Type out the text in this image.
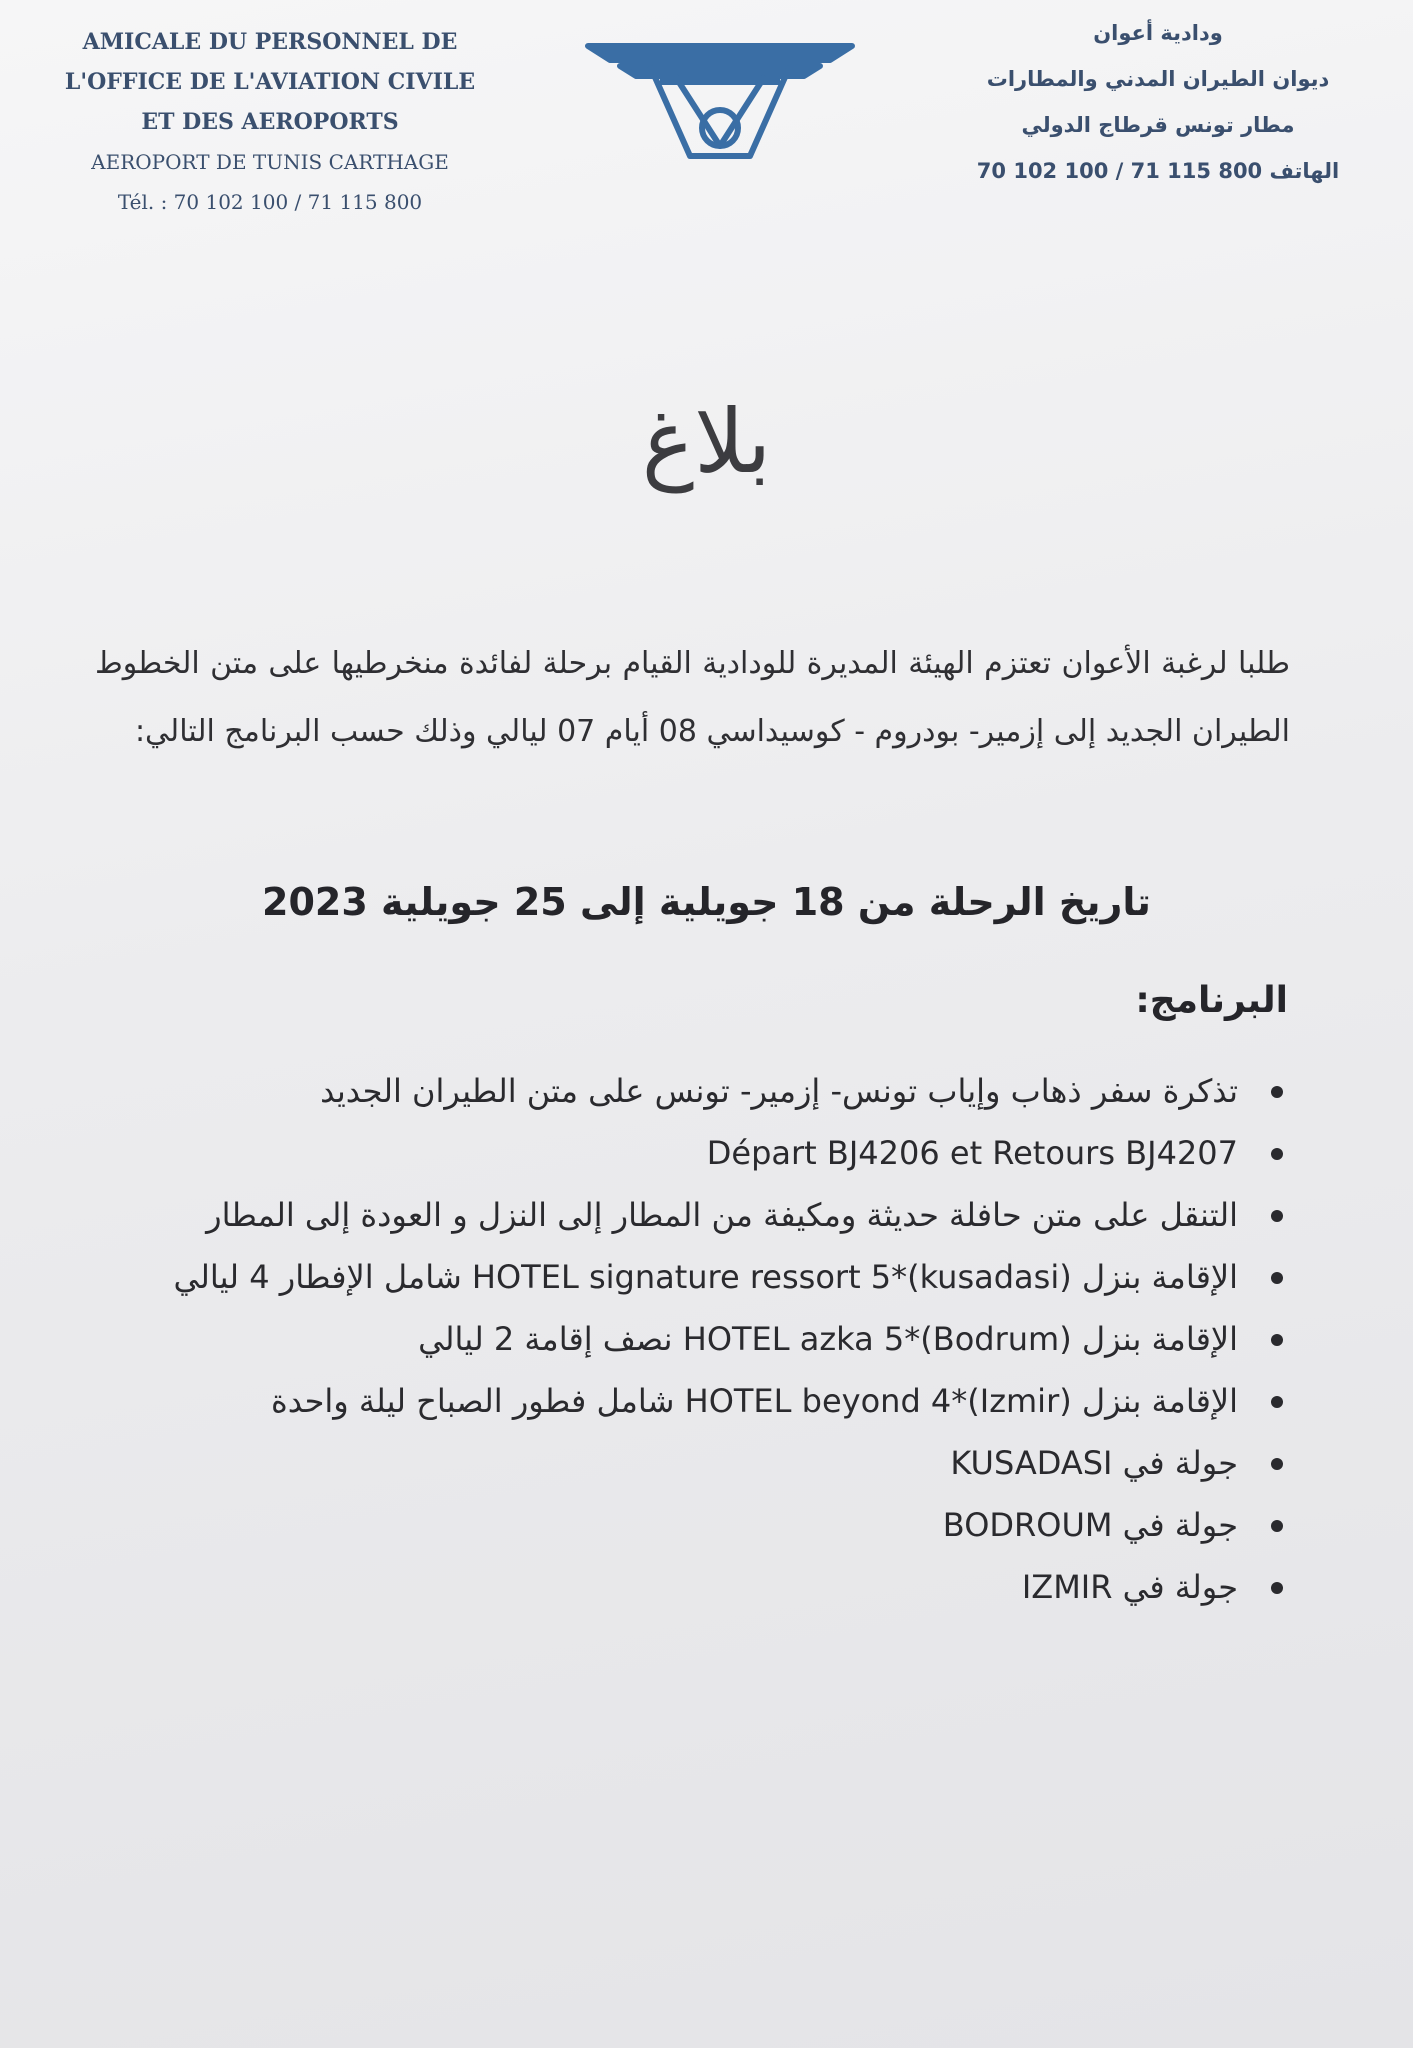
AMICALE DU PERSONNEL DE
L'OFFICE DE L'AVIATION CIVILE
ET DES AEROPORTS
AEROPORT DE TUNIS CARTHAGE
Tél. : 70 102 100 / 71 115 800
ودادية أعوان
ديوان الطيران المدني والمطارات
مطار تونس قرطاج الدولي
الهاتف 800 115 71 / 100 102 70
بلاغ
طلبا لرغبة الأعوان تعتزم الهيئة المديرة للودادية القيام برحلة لفائدة منخرطيها على متن الخطوط الطيران الجديد إلى إزمير- بودروم - كوسيداسي 08 أيام 07 ليالي وذلك حسب البرنامج التالي:
تاريخ الرحلة من 18 جويلية إلى 25 جويلية 2023
البرنامج:
تذكرة سفر ذهاب وإياب تونس- إزمير- تونس على متن الطيران الجديد
Départ BJ4206 et Retours BJ4207
التنقل على متن حافلة حديثة ومكيفة من المطار إلى النزل و العودة إلى المطار
الإقامة بنزل HOTEL signature ressort 5*(kusadasi) شامل الإفطار 4 ليالي
الإقامة بنزل HOTEL azka 5*(Bodrum) نصف إقامة 2 ليالي
الإقامة بنزل HOTEL beyond 4*(Izmir) شامل فطور الصباح ليلة واحدة
جولة في KUSADASI
جولة في BODROUM
جولة في IZMIR
